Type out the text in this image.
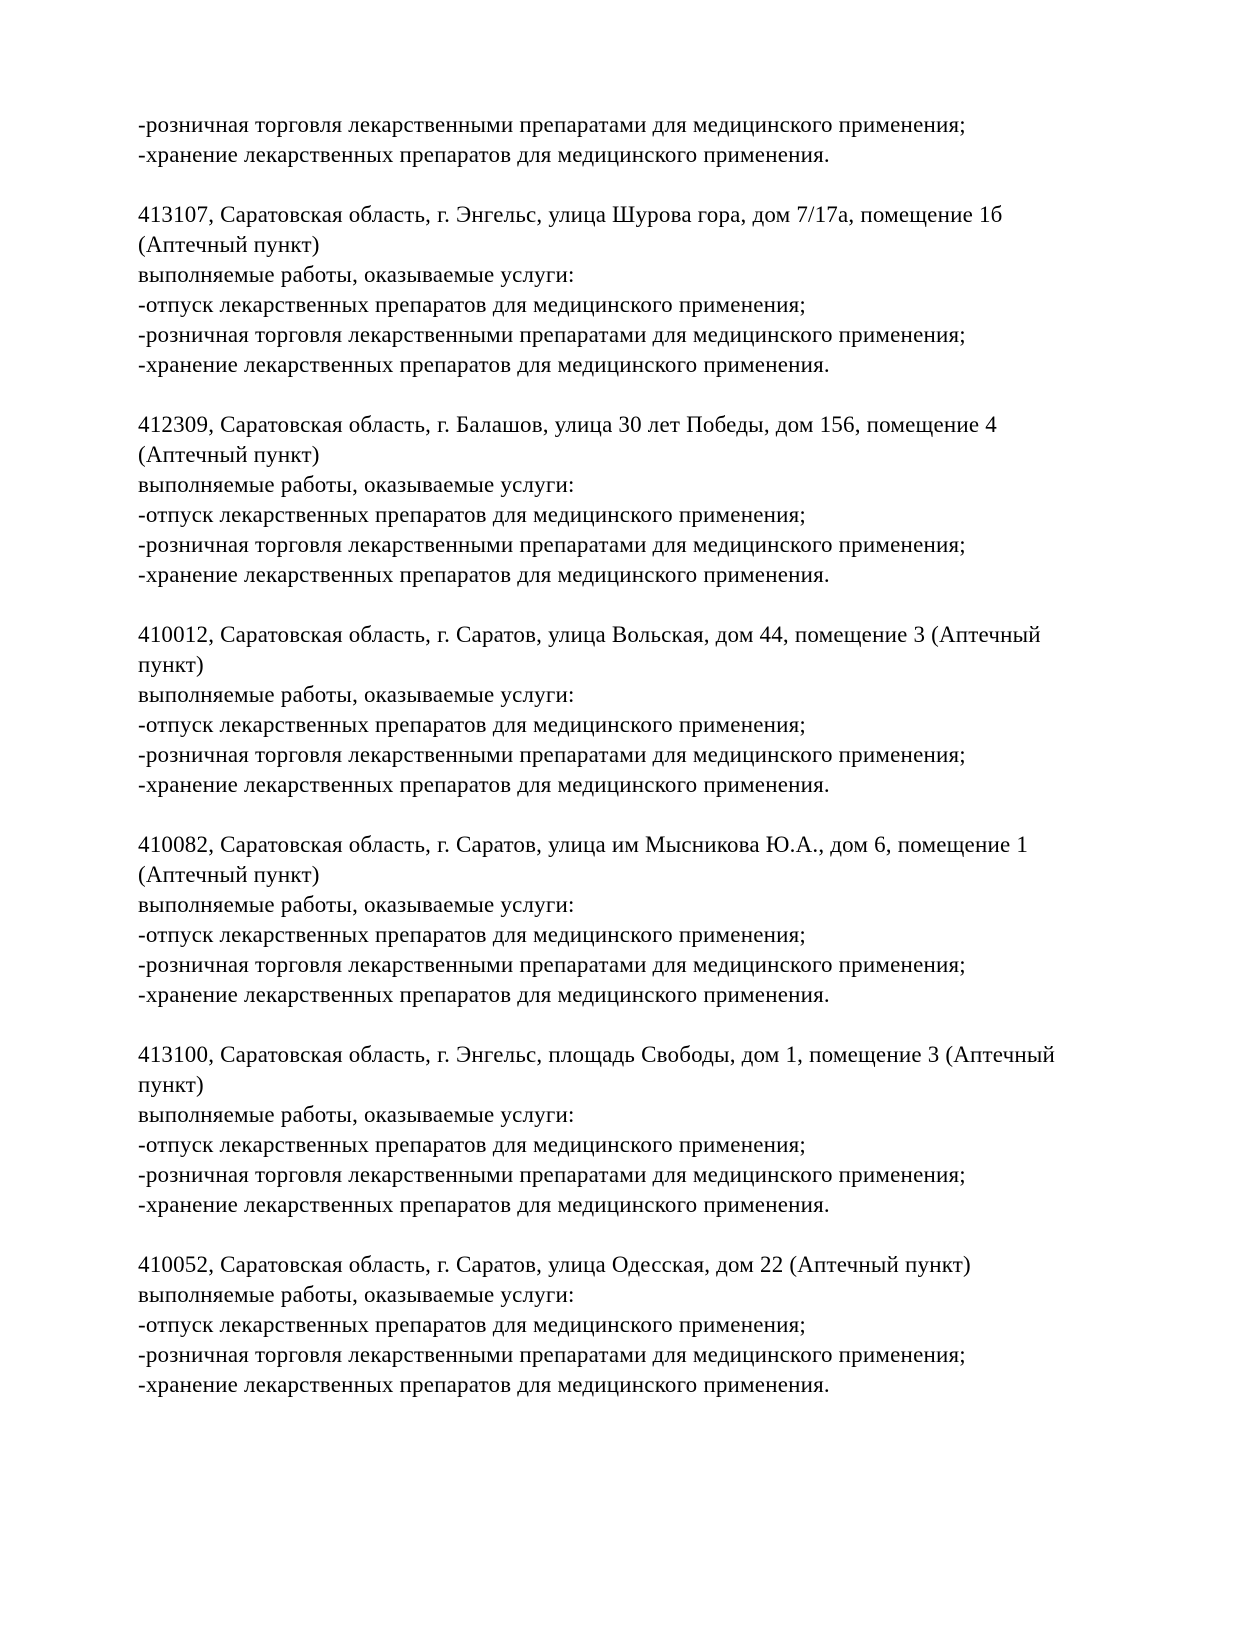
-розничная торговля лекарственными препаратами для медицинского применения;
-хранение лекарственных препаратов для медицинского применения.
413107, Саратовская область, г. Энгельс, улица Шурова гора, дом 7/17а, помещение 1б
(Аптечный пункт)
выполняемые работы, оказываемые услуги:
-отпуск лекарственных препаратов для медицинского применения;
-розничная торговля лекарственными препаратами для медицинского применения;
-хранение лекарственных препаратов для медицинского применения.
412309, Саратовская область, г. Балашов, улица 30 лет Победы, дом 156, помещение 4
(Аптечный пункт)
выполняемые работы, оказываемые услуги:
-отпуск лекарственных препаратов для медицинского применения;
-розничная торговля лекарственными препаратами для медицинского применения;
-хранение лекарственных препаратов для медицинского применения.
410012, Саратовская область, г. Саратов, улица Вольская, дом 44, помещение 3 (Аптечный
пункт)
выполняемые работы, оказываемые услуги:
-отпуск лекарственных препаратов для медицинского применения;
-розничная торговля лекарственными препаратами для медицинского применения;
-хранение лекарственных препаратов для медицинского применения.
410082, Саратовская область, г. Саратов, улица им Мысникова Ю.А., дом 6, помещение 1
(Аптечный пункт)
выполняемые работы, оказываемые услуги:
-отпуск лекарственных препаратов для медицинского применения;
-розничная торговля лекарственными препаратами для медицинского применения;
-хранение лекарственных препаратов для медицинского применения.
413100, Саратовская область, г. Энгельс, площадь Свободы, дом 1, помещение 3 (Аптечный
пункт)
выполняемые работы, оказываемые услуги:
-отпуск лекарственных препаратов для медицинского применения;
-розничная торговля лекарственными препаратами для медицинского применения;
-хранение лекарственных препаратов для медицинского применения.
410052, Саратовская область, г. Саратов, улица Одесская, дом 22 (Аптечный пункт)
выполняемые работы, оказываемые услуги:
-отпуск лекарственных препаратов для медицинского применения;
-розничная торговля лекарственными препаратами для медицинского применения;
-хранение лекарственных препаратов для медицинского применения.
